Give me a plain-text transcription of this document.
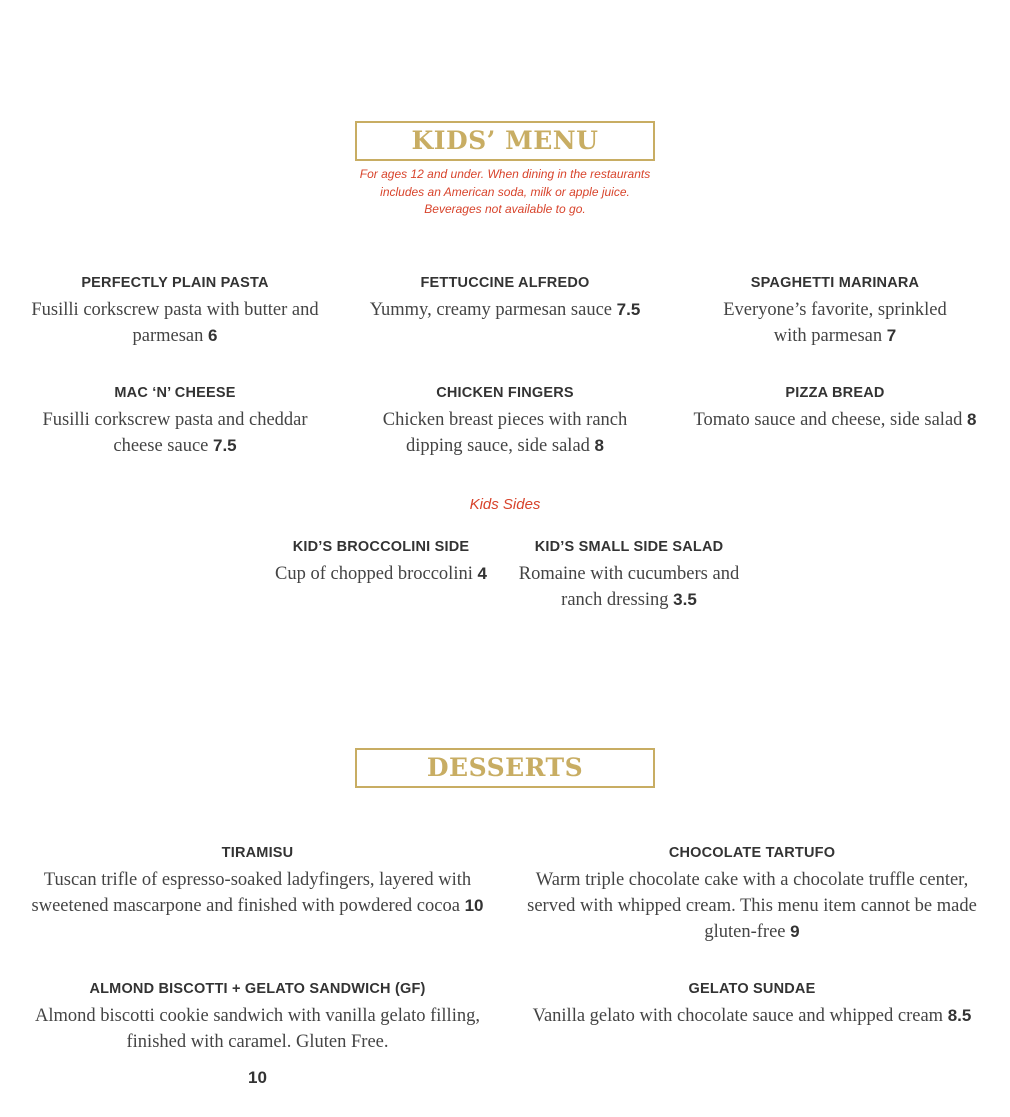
KIDS’ MENU
For ages 12 and under. When dining in the restaurants
includes an American soda, milk or apple juice.
Beverages not available to go.
PERFECTLY PLAIN PASTA
Fusilli corkscrew pasta with butter and parmesan 6
FETTUCCINE ALFREDO
Yummy, creamy parmesan sauce 7.5
SPAGHETTI MARINARA
Everyone’s favorite, sprinkled with parmesan 7
MAC ‘N’ CHEESE
Fusilli corkscrew pasta and cheddar cheese sauce 7.5
CHICKEN FINGERS
Chicken breast pieces with ranch dipping sauce, side salad 8
PIZZA BREAD
Tomato sauce and cheese, side salad 8
Kids Sides
KID’S BROCCOLINI SIDE
Cup of chopped broccolini 4
KID’S SMALL SIDE SALAD
Romaine with cucumbers and ranch dressing 3.5
DESSERTS
TIRAMISU
Tuscan trifle of espresso-soaked ladyfingers, layered with sweetened mascarpone and finished with powdered cocoa 10
CHOCOLATE TARTUFO
Warm triple chocolate cake with a chocolate truffle center, served with whipped cream. This menu item cannot be made gluten-free 9
ALMOND BISCOTTI + GELATO SANDWICH (GF)
Almond biscotti cookie sandwich with vanilla gelato filling, finished with caramel. Gluten Free.
10
GELATO SUNDAE
Vanilla gelato with chocolate sauce and whipped cream 8.5
